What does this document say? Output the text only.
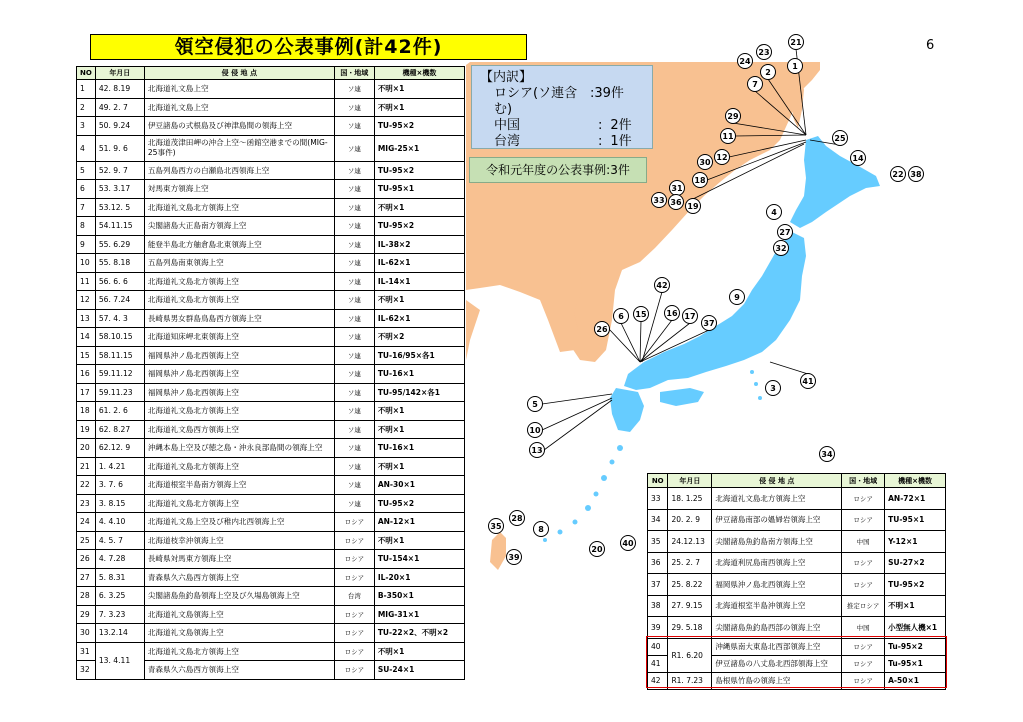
領空侵犯の公表事例(計42件)	6
21
24
23
2
1
7
29
11	25
12
30	14
22 38
18
31
33 36 19
4
27
32
42
9
6 15 16 17
37
26
3
41
5
10
13	34
35
28
8
40
20
39
【内訳】
ロシア(ソ連含む)
: 39件
中国	: 2件
台湾	: 1件
令和元年度の公表事例:3件
NO	年月日	侵 侵 地 点	国・地域	機種×機数
1	42. 8.19	北海道礼文島上空	ソ連	不明×1
2	49. 2. 7	北海道礼文島上空	ソ連	不明×1
3	50. 9.24	伊豆諸島の式根島及び神津島間の領海上空	ソ連	TU-95×2
4	51. 9. 6	北海道茂津田岬の沖合上空～函館空港までの間(MIG-25事件)	ソ連	MIG-25×1
5	52. 9. 7	五島列島西方の白瀬島北西領海上空	ソ連	TU-95×2
6	53. 3.17	対馬東方領海上空	ソ連	TU-95×1
7	53.12. 5	北海道礼文島北方領海上空	ソ連	不明×1
8	54.11.15	尖閣諸島大正島南方領海上空	ソ連	TU-95×2
9	55. 6.29	能登半島北方舳倉島北東領海上空	ソ連	IL-38×2
10	55. 8.18	五島列島南東領海上空	ソ連	IL-62×1
11	56. 6. 6	北海道礼文島北方領海上空	ソ連	IL-14×1
12	56. 7.24	北海道礼文島北方領海上空	ソ連	不明×1
13	57. 4. 3	長崎県男女群島鳥島西方領海上空	ソ連	IL-62×1
14	58.10.15	北海道知床岬北東領海上空	ソ連	不明×2
15	58.11.15	福岡県沖ノ島北西領海上空	ソ連	TU-16/95×各1
16	59.11.12	福岡県沖ノ島北西領海上空	ソ連	TU-16×1
17	59.11.23	福岡県沖ノ島北西領海上空	ソ連	TU-95/142×各1
18	61. 2. 6	北海道礼文島北方領海上空	ソ連	不明×1
19	62. 8.27	北海道礼文島西方領海上空	ソ連	不明×1
20	62.12. 9	沖縄本島上空及び徳之島・沖永良部島間の領海上空	ソ連	TU-16×1
21	1. 4.21	北海道礼文島北方領海上空	ソ連	不明×1
22	3. 7. 6	北海道根室半島南方領海上空	ソ連	AN-30×1
23	3. 8.15	北海道礼文島北方領海上空	ソ連	TU-95×2
24	4. 4.10	北海道礼文島上空及び稚内北西領海上空	ロシア	AN-12×1
25	4. 5. 7	北海道枝幸沖領海上空	ロシア	不明×1
26	4. 7.28	長崎県対馬東方領海上空	ロシア	TU-154×1
27	5. 8.31	青森県久六島西方領海上空	ロシア	IL-20×1
28	6. 3.25	尖閣諸島魚釣島領海上空及び久場島領海上空	台湾	B-350×1
29	7. 3.23	北海道礼文島領海上空	ロシア	MIG-31×1
30	13.2.14	北海道礼文島領海上空	ロシア	TU-22×2、不明×2
31	13. 4.11	北海道礼文島北方領海上空	ロシア	不明×1
32		青森県久六島西方領海上空	ロシア	SU-24×1
NO	年月日	侵 侵 地 点	国・地域	機種×機数
33	18. 1.25	北海道礼文島北方領海上空	ロシア	AN-72×1
34	20. 2. 9	伊豆諸島南部の媼婦岩領海上空	ロシア	TU-95×1
35	24.12.13	尖閣諸島魚釣島南方領海上空	中国	Y-12×1
36	25. 2. 7	北海道利尻島南西領海上空	ロシア	SU-27×2
37	25. 8.22	福岡県沖ノ島北西領海上空	ロシア	TU-95×2
38	27. 9.15	北海道根室半島沖領海上空	推定ロシア	不明×1
39	29. 5.18	尖閣諸島魚釣島西部の領海上空	中国	小型無人機×1
40	R1. 6.20	沖縄県南大東島北西部領海上空	ロシア	Tu-95×2
41		伊豆諸島の八丈島北西部領海上空	ロシア	Tu-95×1
42	R1. 7.23	島根県竹島の領海上空	ロシア	A-50×1
